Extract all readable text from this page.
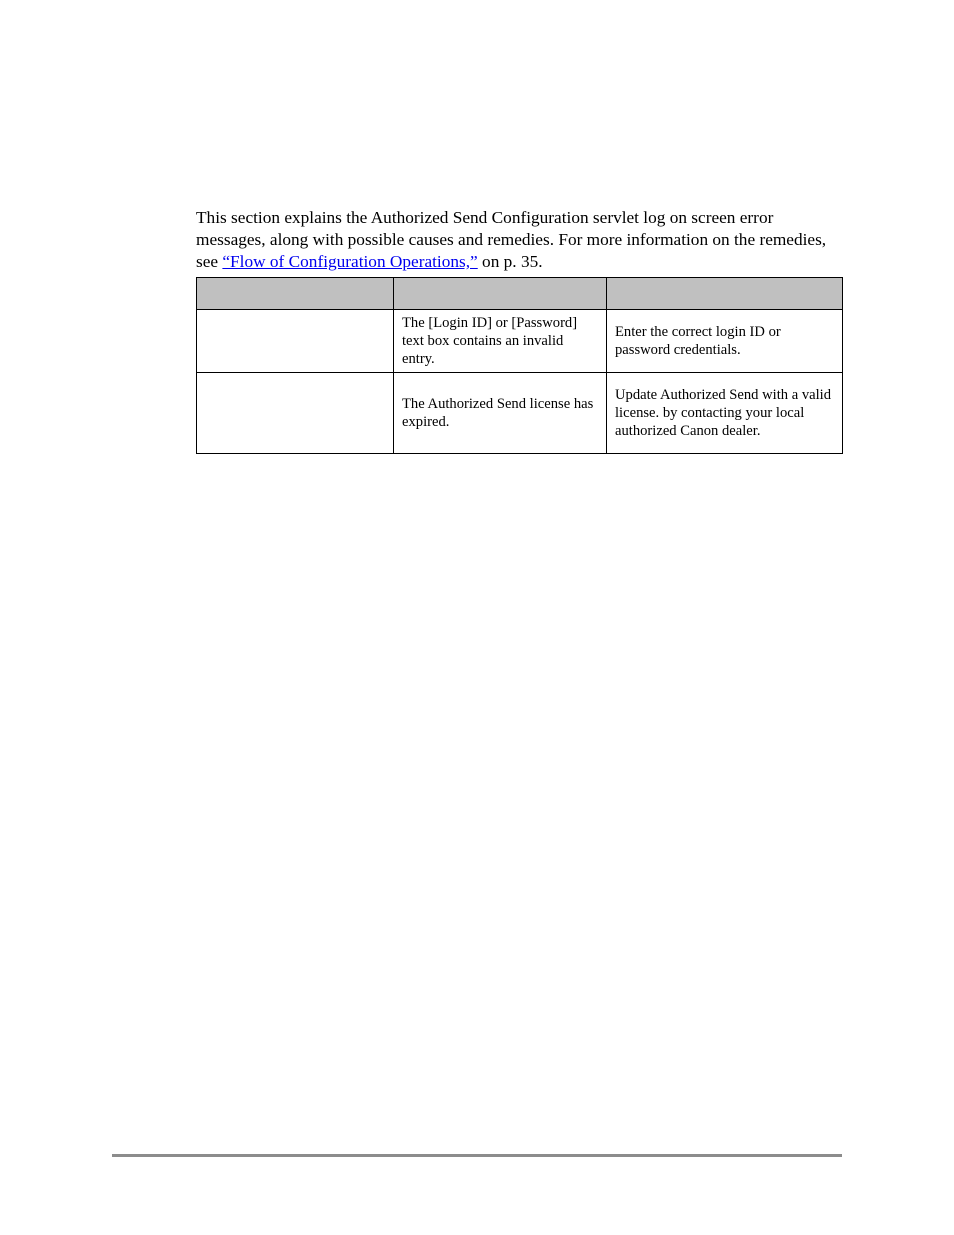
This section explains the Authorized Send Configuration servlet log on screen error messages, along with possible causes and remedies. For more information on the remedies, see “Flow of Configuration Operations,” on p. 35.

	The [Login ID] or [Password] text box contains an invalid entry.	Enter the correct login ID or password credentials.
	The Authorized Send license has expired.	Update Authorized Send with a valid license. by contacting your local authorized Canon dealer.
